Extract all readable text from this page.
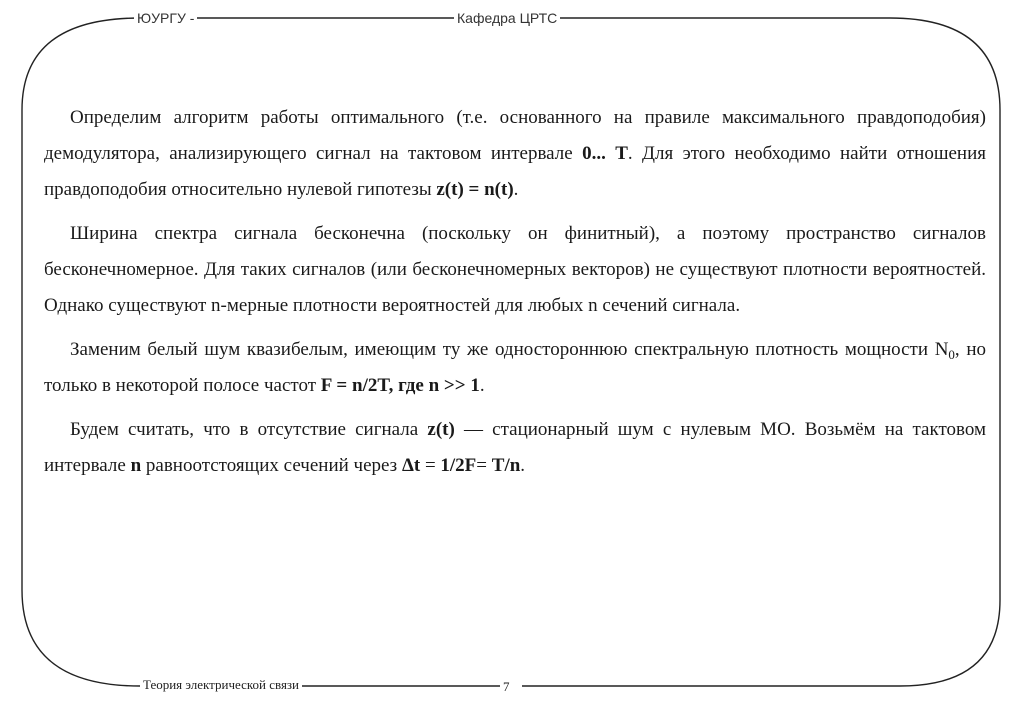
ЮУРГУ -	Кафедра ЦРТС
Теория электрической связи	7

Определим алгоритм работы оптимального (т.е. основанного на правиле максимального правдоподобия) демодулятора, анализирующего сигнал на тактовом интервале 0... T. Для этого необходимо найти отношения правдоподобия относительно нулевой гипотезы z(t) = n(t).

Ширина спектра сигнала бесконечна (поскольку он финитный), а поэтому пространство сигналов бесконечномерное. Для таких сигналов (или бесконечномерных векторов) не существуют плотности вероятностей. Однако существуют n-мерные плотности вероятностей для любых n сечений сигнала.

Заменим белый шум квазибелым, имеющим ту же одностороннюю спектральную плотность мощности $N_0$, но только в некоторой полосе частот F = n/2T, где n >> 1.

Будем считать, что в отсутствие сигнала z(t) — стационарный шум с нулевым МО. Возьмём на тактовом интервале n равноотстоящих сечений через Δt = 1/2F= T/n.
